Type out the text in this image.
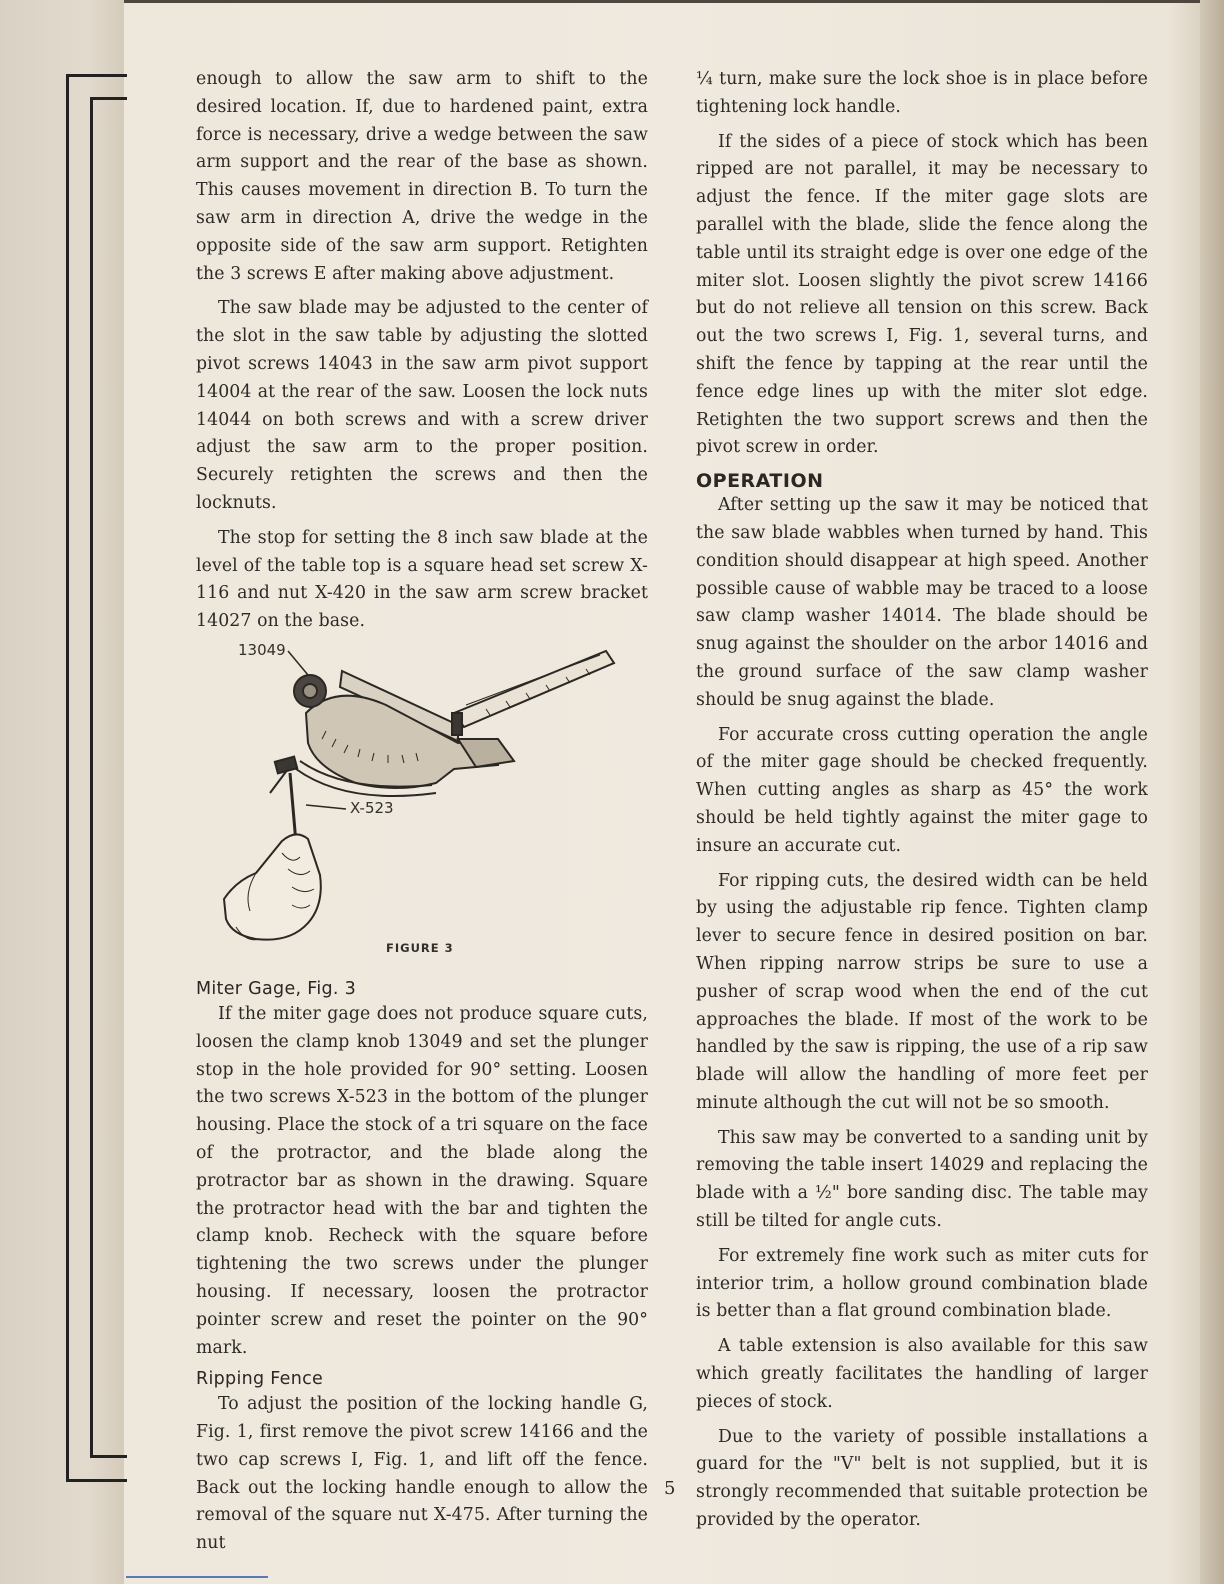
enough to allow the saw arm to shift to the desired location. If, due to hardened paint, extra force is necessary, drive a wedge between the saw arm support and the rear of the base as shown. This causes movement in direction B. To turn the saw arm in direction A, drive the wedge in the opposite side of the saw arm support. Retighten the 3 screws E after making above adjustment.

The saw blade may be adjusted to the center of the slot in the saw table by adjusting the slotted pivot screws 14043 in the saw arm pivot support 14004 at the rear of the saw. Loosen the lock nuts 14044 on both screws and with a screw driver adjust the saw arm to the proper position. Securely retighten the screws and then the locknuts.

The stop for setting the 8 inch saw blade at the level of the table top is a square head set screw X-116 and nut X-420 in the saw arm screw bracket 14027 on the base.

13049
X-523
FIGURE 3
Miter Gage, Fig. 3

If the miter gage does not produce square cuts, loosen the clamp knob 13049 and set the plunger stop in the hole provided for 90° setting. Loosen the two screws X-523 in the bottom of the plunger housing. Place the stock of a tri square on the face of the protractor, and the blade along the protractor bar as shown in the drawing. Square the protractor head with the bar and tighten the clamp knob. Recheck with the square before tightening the two screws under the plunger housing. If necessary, loosen the protractor pointer screw and reset the pointer on the 90° mark.

Ripping Fence

To adjust the position of the locking handle G, Fig. 1, first remove the pivot screw 14166 and the two cap screws I, Fig. 1, and lift off the fence. Back out the locking handle enough to allow the removal of the square nut X-475. After turning the nut

¼ turn, make sure the lock shoe is in place before tightening lock handle.

If the sides of a piece of stock which has been ripped are not parallel, it may be necessary to adjust the fence. If the miter gage slots are parallel with the blade, slide the fence along the table until its straight edge is over one edge of the miter slot. Loosen slightly the pivot screw 14166 but do not relieve all tension on this screw. Back out the two screws I, Fig. 1, several turns, and shift the fence by tapping at the rear until the fence edge lines up with the miter slot edge. Retighten the two support screws and then the pivot screw in order.

OPERATION

After setting up the saw it may be noticed that the saw blade wabbles when turned by hand. This condition should disappear at high speed. Another possible cause of wabble may be traced to a loose saw clamp washer 14014. The blade should be snug against the shoulder on the arbor 14016 and the ground surface of the saw clamp washer should be snug against the blade.

For accurate cross cutting operation the angle of the miter gage should be checked frequently. When cutting angles as sharp as 45° the work should be held tightly against the miter gage to insure an accurate cut.

For ripping cuts, the desired width can be held by using the adjustable rip fence. Tighten clamp lever to secure fence in desired position on bar. When ripping narrow strips be sure to use a pusher of scrap wood when the end of the cut approaches the blade. If most of the work to be handled by the saw is ripping, the use of a rip saw blade will allow the handling of more feet per minute although the cut will not be so smooth.

This saw may be converted to a sanding unit by removing the table insert 14029 and replacing the blade with a ½" bore sanding disc. The table may still be tilted for angle cuts.

For extremely fine work such as miter cuts for interior trim, a hollow ground combination blade is better than a flat ground combination blade.

A table extension is also available for this saw which greatly facilitates the handling of larger pieces of stock.

Due to the variety of possible installations a guard for the "V" belt is not supplied, but it is strongly recommended that suitable protection be provided by the operator.

5
